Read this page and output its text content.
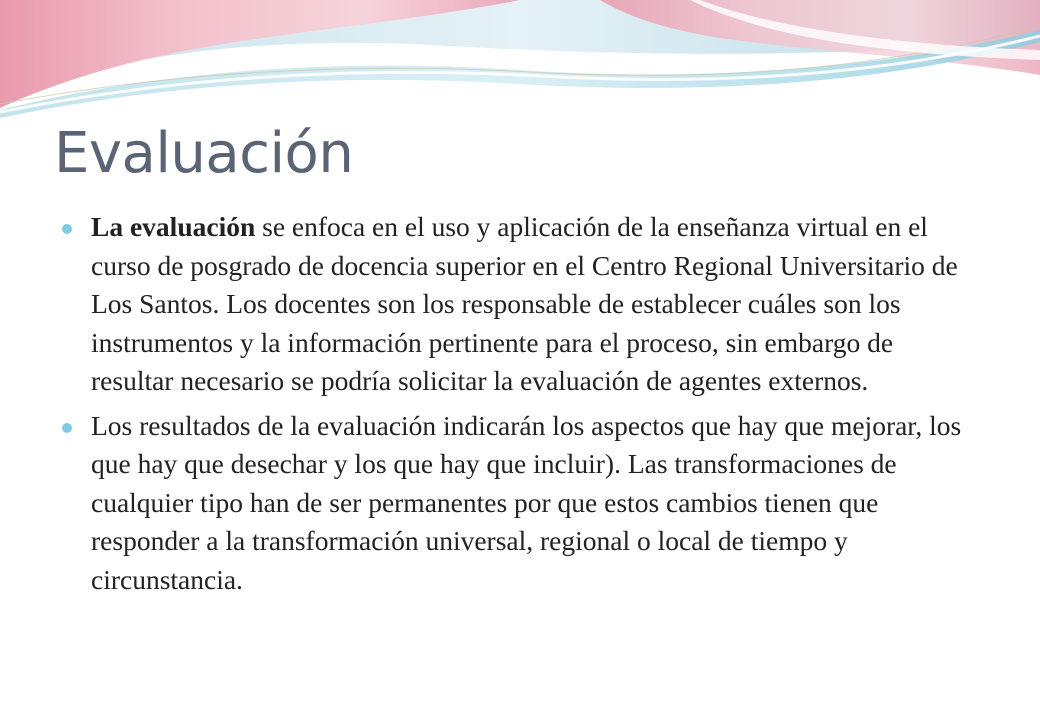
Evaluación
La evaluación se enfoca en el uso y aplicación de la enseñanza virtual en el curso de posgrado de docencia superior en el Centro Regional Universitario de Los Santos. Los docentes son los responsable de establecer cuáles son los instrumentos y la información pertinente para el proceso, sin embargo de resultar necesario se podría solicitar la evaluación de agentes externos.
Los resultados de la evaluación indicarán los aspectos que hay que mejorar, los que hay que desechar y los que hay que incluir). Las transformaciones de cualquier tipo han de ser permanentes por que estos cambios tienen que responder a la transformación universal, regional o local de tiempo y circunstancia.
